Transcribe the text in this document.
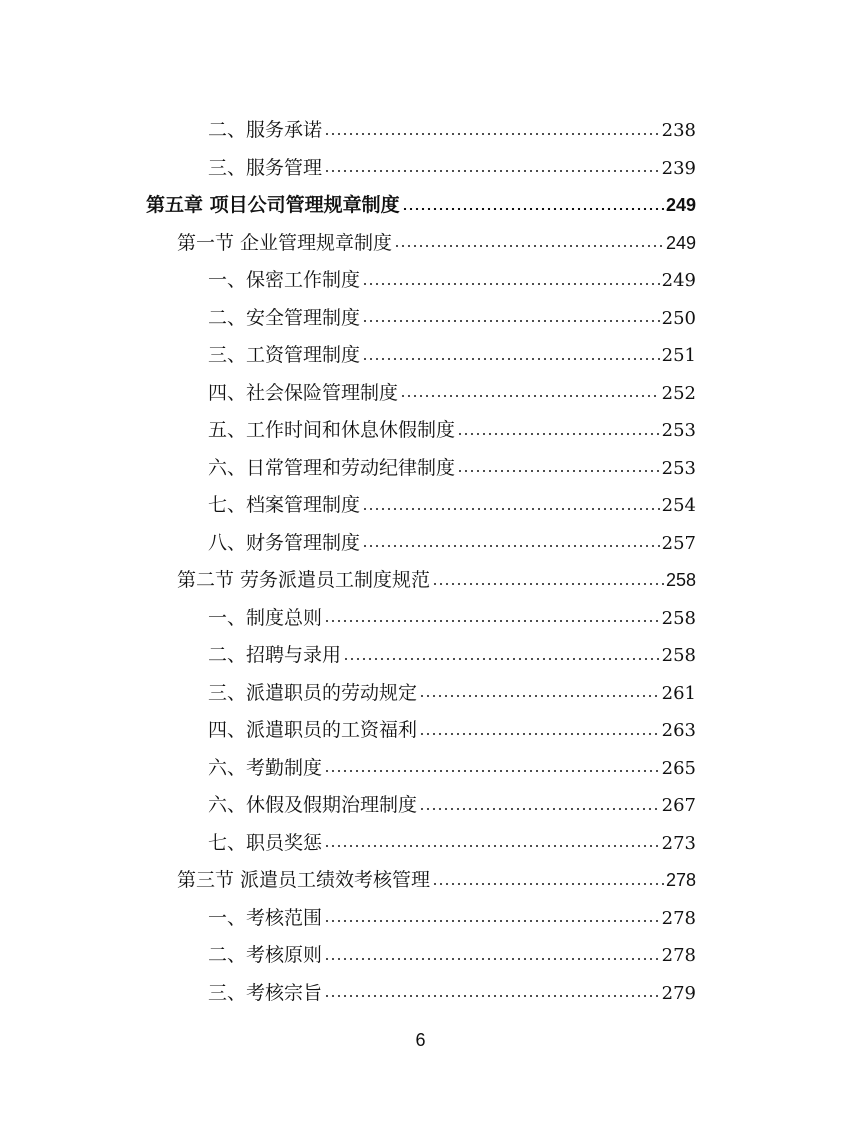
二、服务承诺	238
三、服务管理	239
第五章 项目公司管理规章制度	249
第一节 企业管理规章制度	249
一、保密工作制度	249
二、安全管理制度	250
三、工资管理制度	251
四、社会保险管理制度	252
五、工作时间和休息休假制度	253
六、日常管理和劳动纪律制度	253
七、档案管理制度	254
八、财务管理制度	257
第二节 劳务派遣员工制度规范	258
一、制度总则	258
二、招聘与录用	258
三、派遣职员的劳动规定	261
四、派遣职员的工资福利	263
六、考勤制度	265
六、休假及假期治理制度	267
七、职员奖惩	273
第三节 派遣员工绩效考核管理	278
一、考核范围	278
二、考核原则	278
三、考核宗旨	279
6
